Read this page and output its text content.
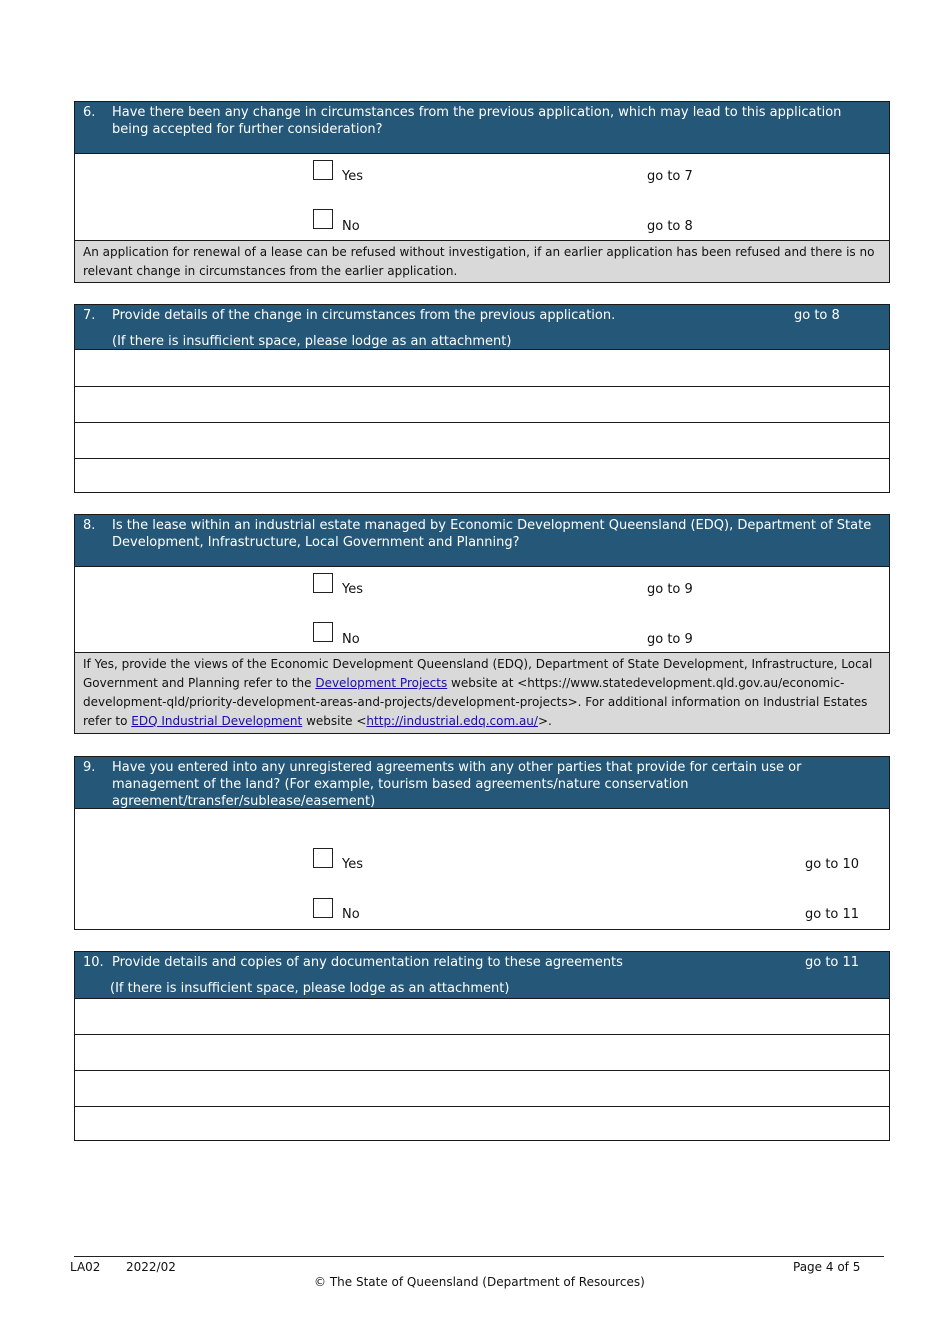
6. Have there been any change in circumstances from the previous application, which may lead to this application being accepted for further consideration?
Yes	go to 7
No	go to 8
An application for renewal of a lease can be refused without investigation, if an earlier application has been refused and there is no relevant change in circumstances from the earlier application.
7. Provide details of the change in circumstances from the previous application.	go to 8
(If there is insufficient space, please lodge as an attachment)
8. Is the lease within an industrial estate managed by Economic Development Queensland (EDQ), Department of State Development, Infrastructure, Local Government and Planning?
Yes	go to 9
No	go to 9
If Yes, provide the views of the Economic Development Queensland (EDQ), Department of State Development, Infrastructure, Local Government and Planning refer to the Development Projects website at <https://www.statedevelopment.qld.gov.au/economic-development-qld/priority-development-areas-and-projects/development-projects>. For additional information on Industrial Estates refer to EDQ Industrial Development website <http://industrial.edq.com.au/>.
9. Have you entered into any unregistered agreements with any other parties that provide for certain use or management of the land? (For example, tourism based agreements/nature conservation agreement/transfer/sublease/easement)
Yes	go to 10
No	go to 11
10. Provide details and copies of any documentation relating to these agreements	go to 11
(If there is insufficient space, please lodge as an attachment)
LA02 2022/02	Page 4 of 5
© The State of Queensland (Department of Resources)
